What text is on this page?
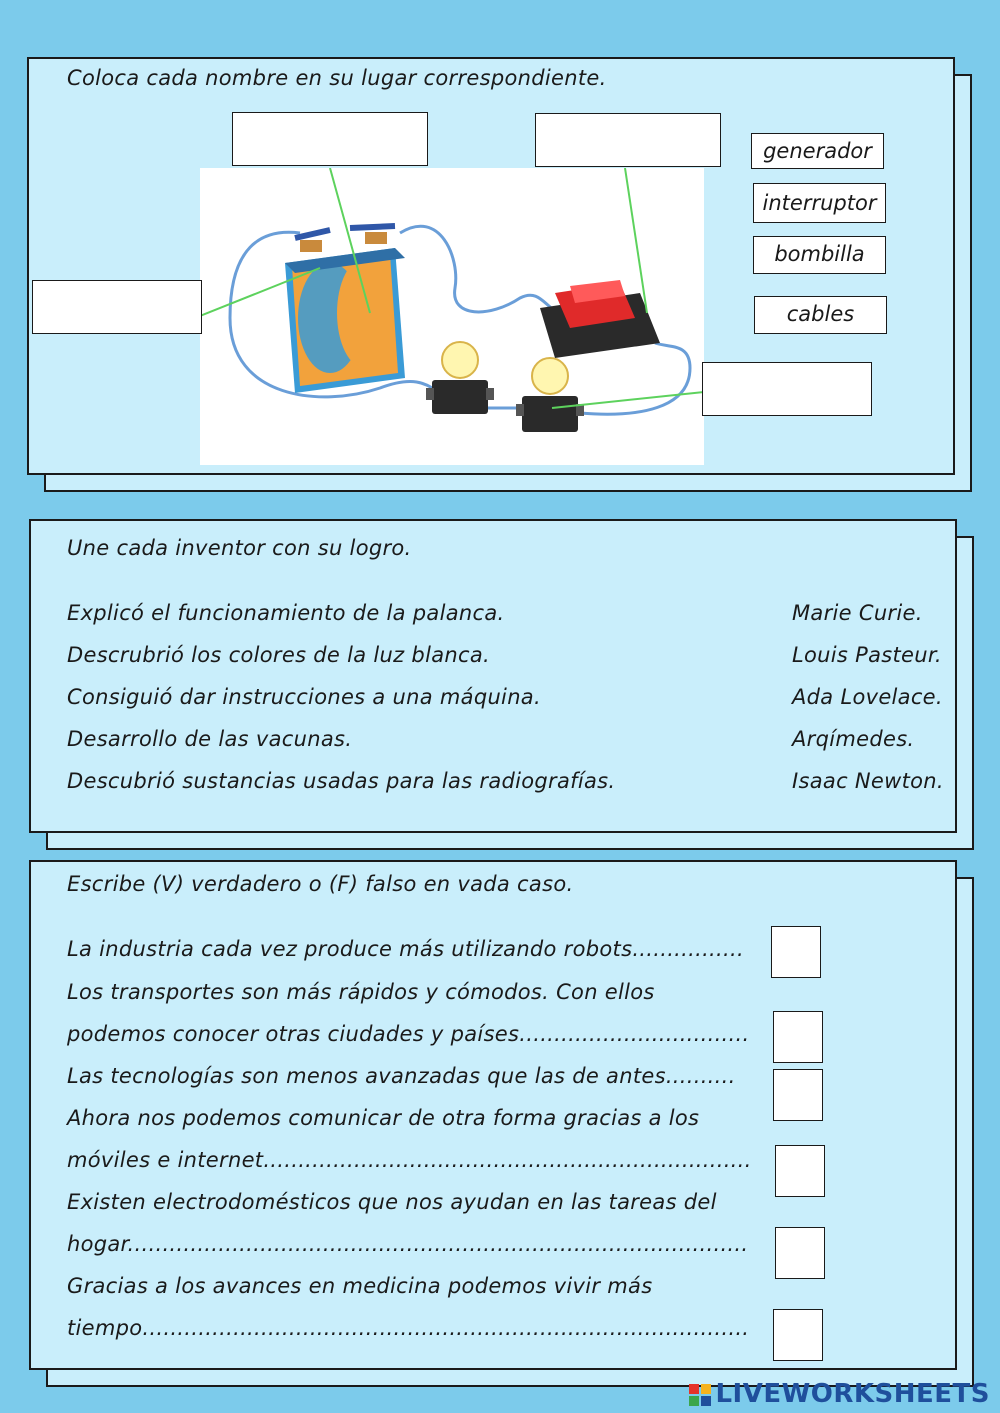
Coloca cada nombre en su lugar correspondiente.
generador
interruptor
bombilla
cables
Une cada inventor con su logro.
Explicó el funcionamiento de la palanca.
Descrubrió los colores de la luz blanca.
Consiguió dar instrucciones a una máquina.
Desarrollo de las vacunas.
Descubrió sustancias usadas para las radiografías.
Marie Curie.
Louis Pasteur.
Ada Lovelace.
Arqímedes.
Isaac Newton.
Escribe (V) verdadero o (F) falso en vada caso.
La industria cada vez produce más utilizando robots................
Los transportes son más rápidos y cómodos. Con ellos
podemos conocer otras ciudades y países.................................
Las tecnologías son menos avanzadas que las de antes..........
Ahora nos podemos comunicar de otra forma gracias a los
móviles e internet......................................................................
Existen electrodomésticos que nos ayudan en las tareas del
hogar.........................................................................................
Gracias a los avances en medicina podemos vivir más
tiempo.......................................................................................
LIVEWORKSHEETS
